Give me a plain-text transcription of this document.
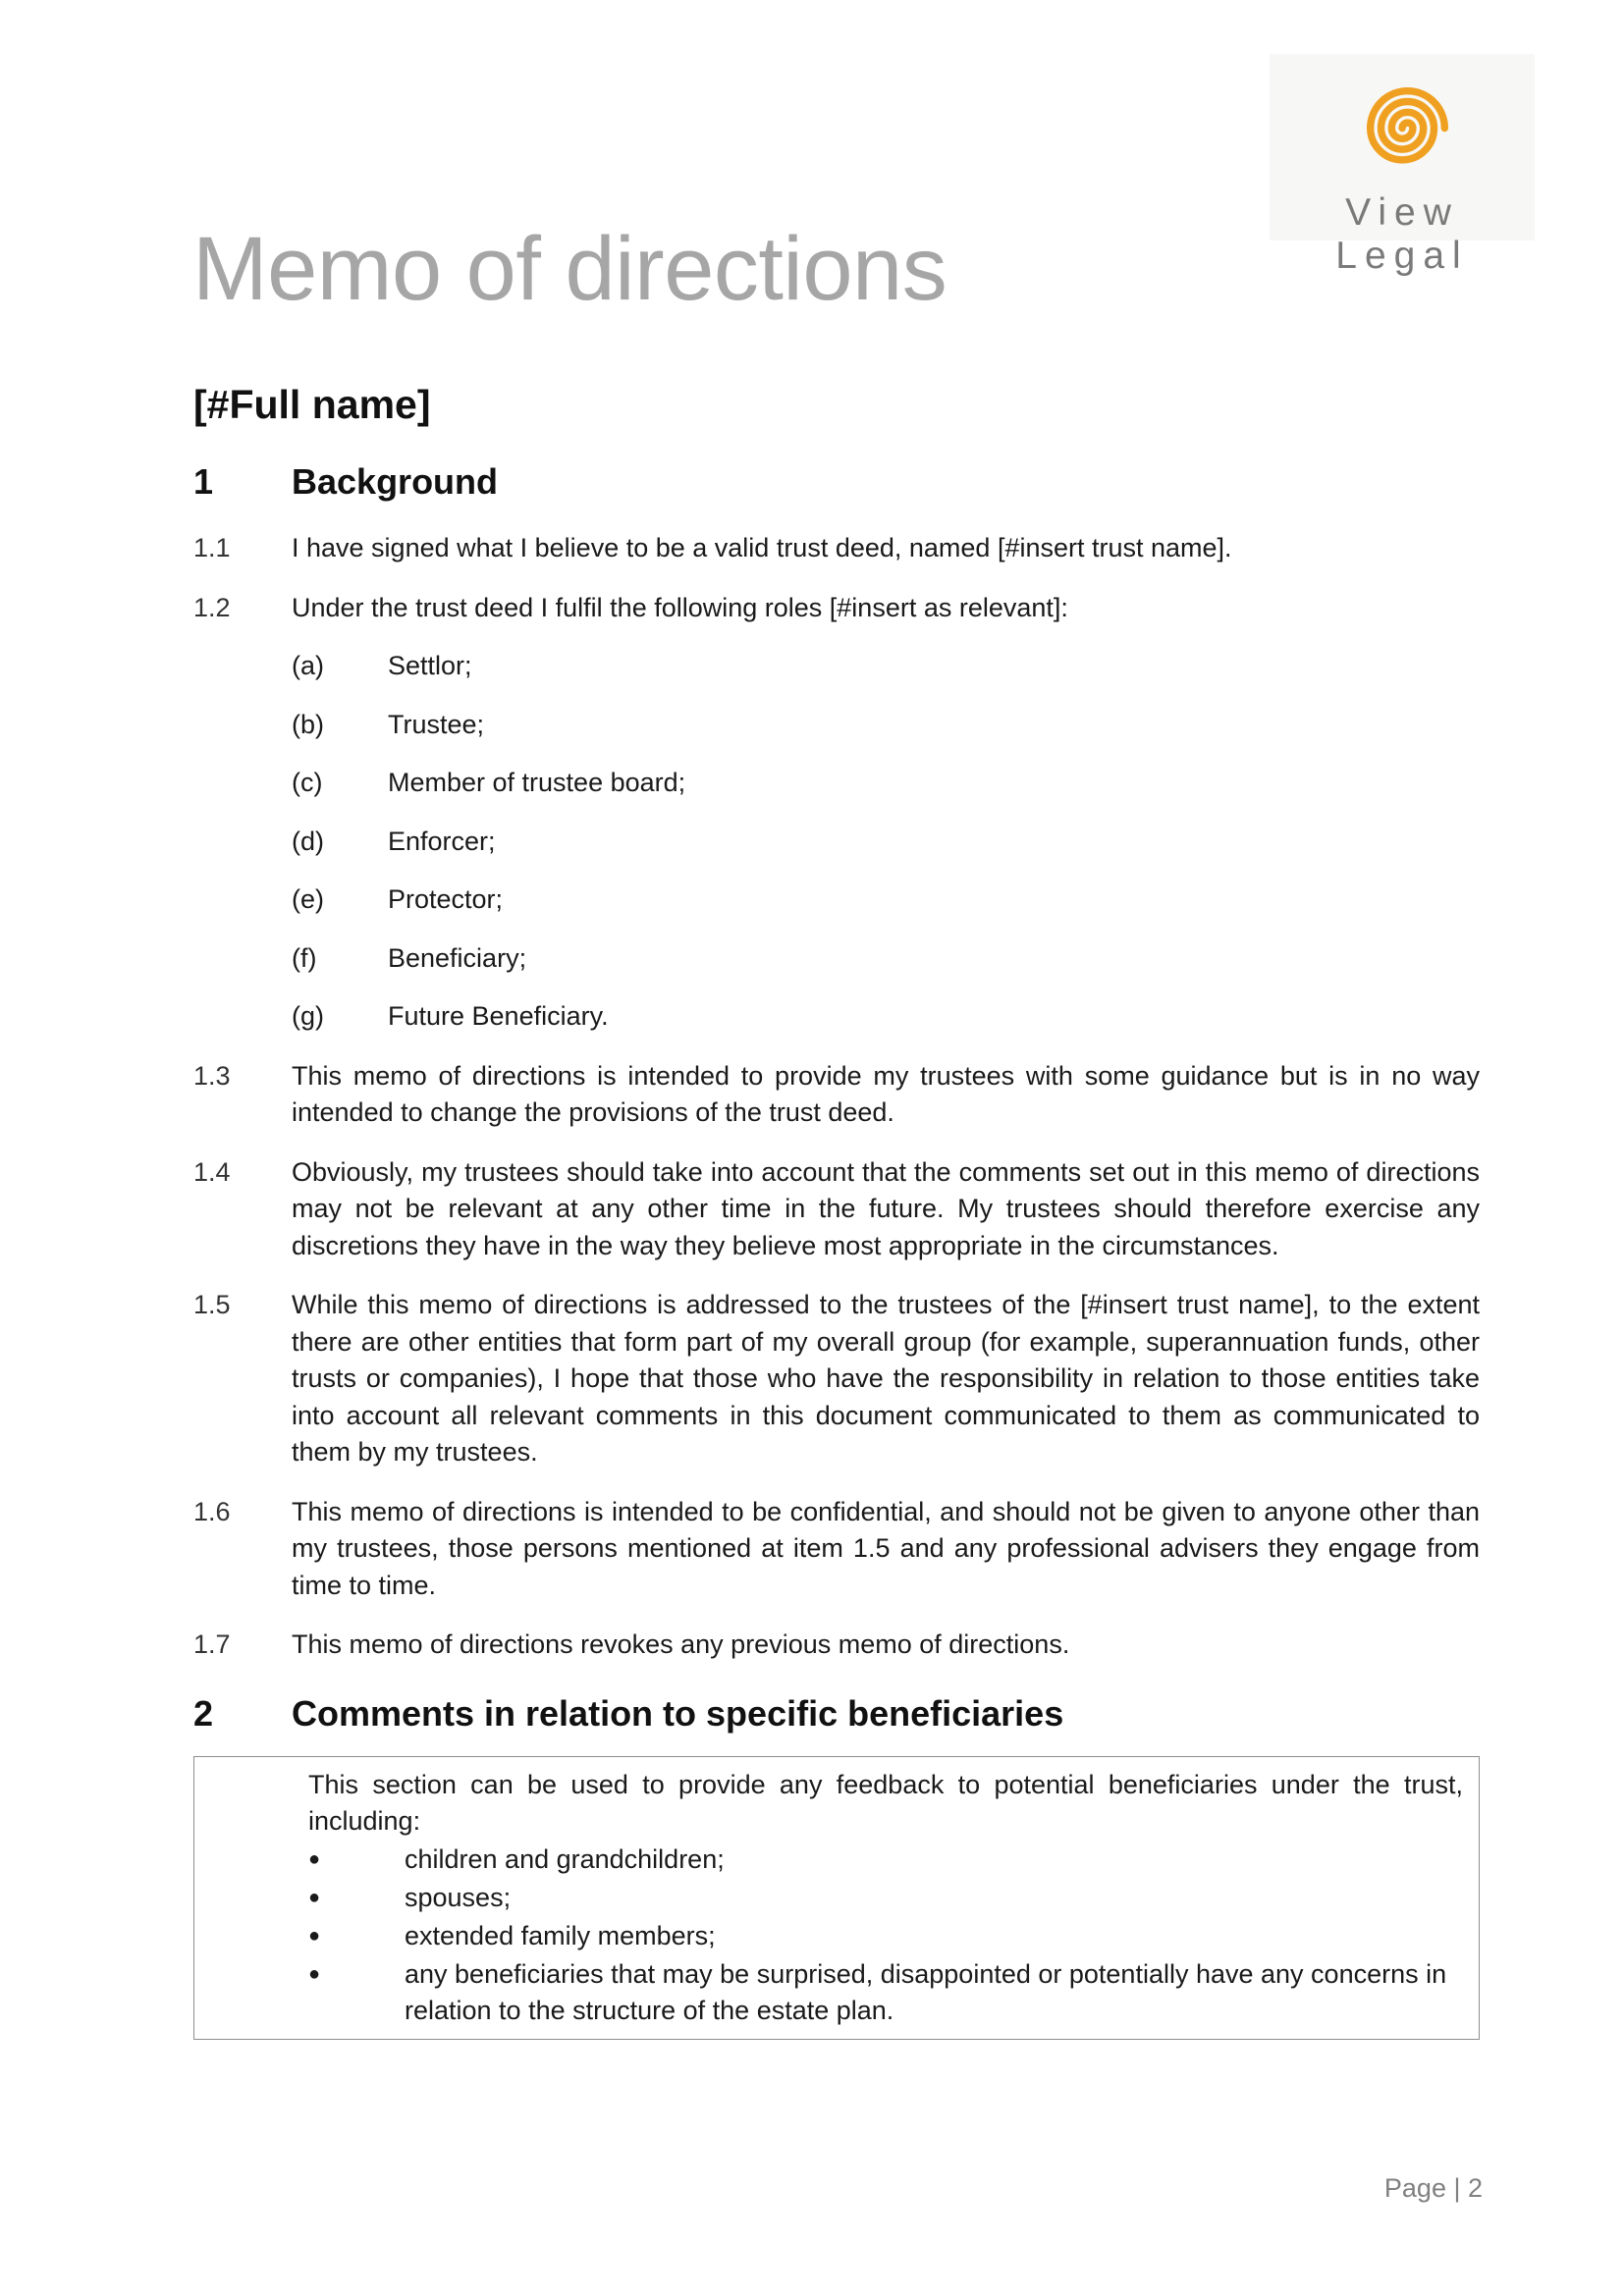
View Legal
Memo of directions
[#Full name]
1	Background
1.1	I have signed what I believe to be a valid trust deed, named [#insert trust name].
1.2	Under the trust deed I fulfil the following roles [#insert as relevant]:
(a)	Settlor;
(b)	Trustee;
(c)	Member of trustee board;
(d)	Enforcer;
(e)	Protector;
(f)	Beneficiary;
(g)	Future Beneficiary.
1.3	This memo of directions is intended to provide my trustees with some guidance but is in no way intended to change the provisions of the trust deed.
1.4	Obviously, my trustees should take into account that the comments set out in this memo of directions may not be relevant at any other time in the future. My trustees should therefore exercise any discretions they have in the way they believe most appropriate in the circumstances.
1.5	While this memo of directions is addressed to the trustees of the [#insert trust name], to the extent there are other entities that form part of my overall group (for example, superannuation funds, other trusts or companies), I hope that those who have the responsibility in relation to those entities take into account all relevant comments in this document communicated to them as communicated to them by my trustees.
1.6	This memo of directions is intended to be confidential, and should not be given to anyone other than my trustees, those persons mentioned at item 1.5 and any professional advisers they engage from time to time.
1.7	This memo of directions revokes any previous memo of directions.
2	Comments in relation to specific beneficiaries
This section can be used to provide any feedback to potential beneficiaries under the trust, including:
●	children and grandchildren;
●	spouses;
●	extended family members;
●	any beneficiaries that may be surprised, disappointed or potentially have any concerns in relation to the structure of the estate plan.
Page | 2
